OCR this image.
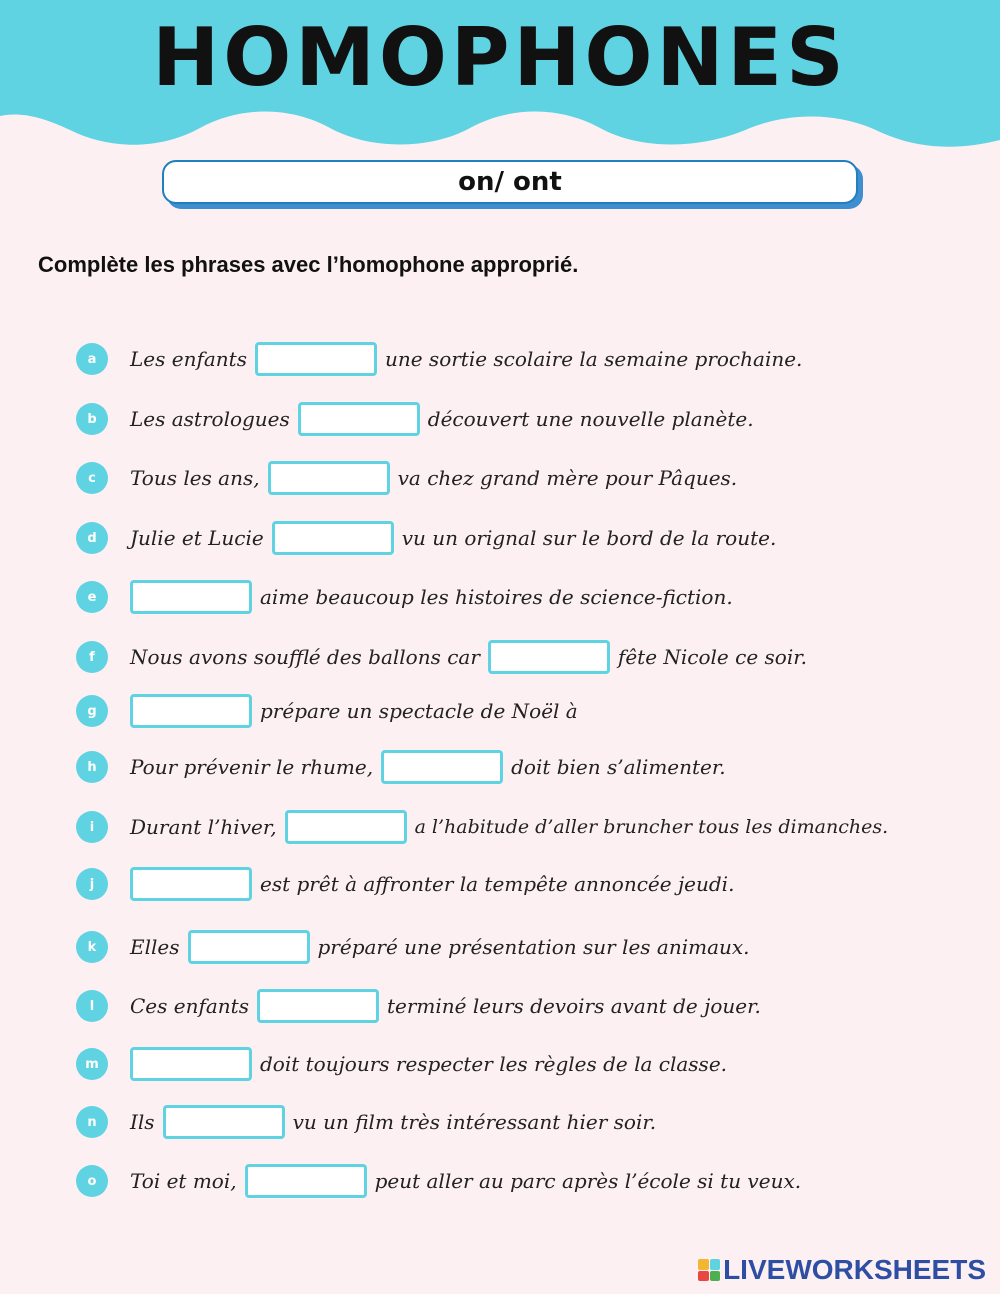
HOMOPHONES
on/ ont
Complète les phrases avec l’homophone approprié.
a	Les enfants	une sortie scolaire la semaine prochaine.
b	Les astrologues	découvert une nouvelle planète.
c	Tous les ans,	va chez grand mère pour Pâques.
d	Julie et Lucie	vu un orignal sur le bord de la route.
e	aime beaucoup les histoires de science-fiction.
f	Nous avons soufflé des ballons car	fête Nicole ce soir.
g	prépare un spectacle de Noël à
h	Pour prévenir le rhume,	doit bien s’alimenter.
i	Durant l’hiver,	a l’habitude d’aller bruncher tous les dimanches.
j	est prêt à affronter la tempête annoncée jeudi.
k	Elles	préparé une présentation sur les animaux.
l	Ces enfants	terminé leurs devoirs avant de jouer.
m	doit toujours respecter les règles de la classe.
n	Ils	vu un film très intéressant hier soir.
o	Toi et moi,	peut aller au parc après l’école si tu veux.
LIVEWORKSHEETS
